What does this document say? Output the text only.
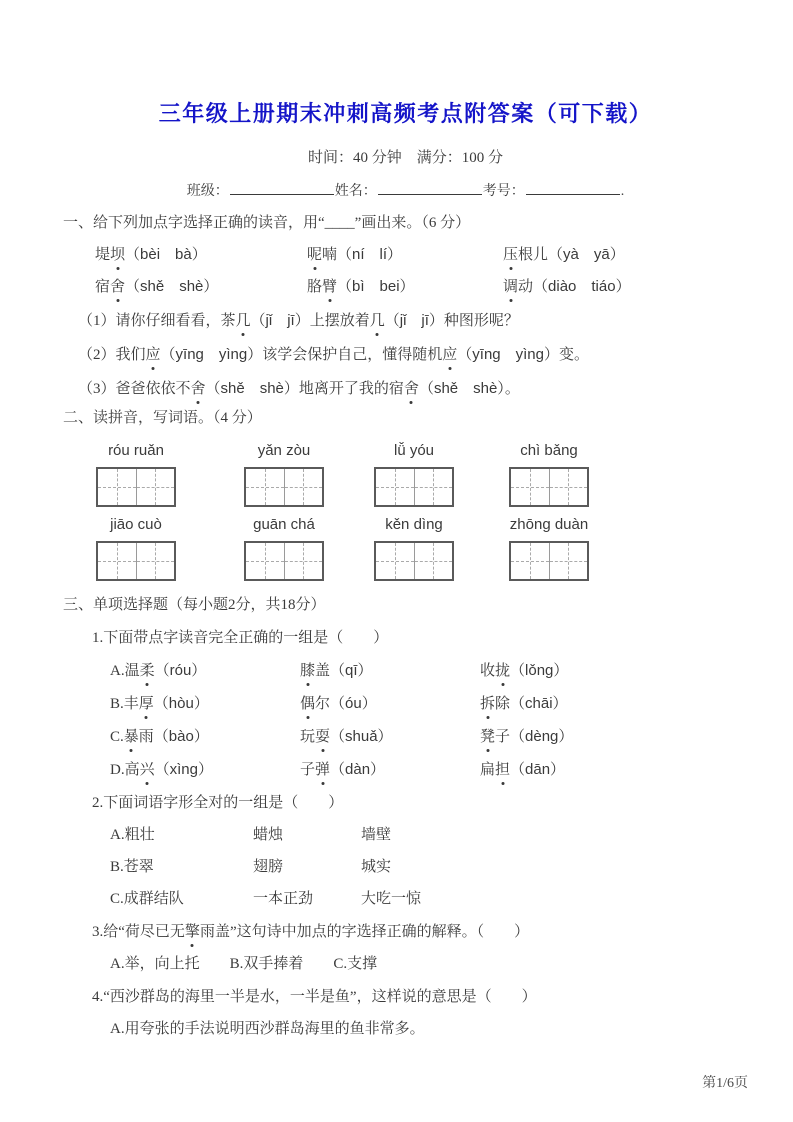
三年级上册期末冲刺高频考点附答案（可下载）
时间：40 分钟　满分：100 分
班级：	姓名：	考号：	.
一、给下列加点字选择正确的读音，用“____”画出来。（6 分）
堤坝（bèi　bà）	呢喃（ní　lí）	压根儿（yà　yā）
宿舍（shě　shè）	胳臂（bì　bei）	调动（diào　tiáo）
（1）请你仔细看看，茶几（jǐ　jī）上摆放着几（jǐ　jī）种图形呢？
（2）我们应（yīng　yìng）该学会保护自己，懂得随机应（yīng　yìng）变。
（3）爸爸依依不舍（shě　shè）地离开了我的宿舍（shě　shè）。
二、读拼音，写词语。（4 分）
róu ruǎn	yǎn zòu	lǚ yóu	chì bǎng
jiāo cuò	guān chá	kěn dìng	zhōng duàn
三、单项选择题（每小题2分，共18分）
1.下面带点字读音完全正确的一组是（　　）
A.温柔（róu）	膝盖（qī）	收拢（lǒng）
B.丰厚（hòu）	偶尔（óu）	拆除（chāi）
C.暴雨（bào）	玩耍（shuǎ）	凳子（dèng）
D.高兴（xìng）	子弹（dàn）	扁担（dān）
2.下面词语字形全对的一组是（　　）
A.粗壮	蜡烛	墙壁
B.苍翠	翅膀	城实
C.成群结队	一本正劲	大吃一惊
3.给“荷尽已无擎雨盖”这句诗中加点的字选择正确的解释。（　　）
A.举，向上托 B.双手捧着 C.支撑
4.“西沙群岛的海里一半是水，一半是鱼”，这样说的意思是（　　）
A.用夸张的手法说明西沙群岛海里的鱼非常多。
第1/6页
